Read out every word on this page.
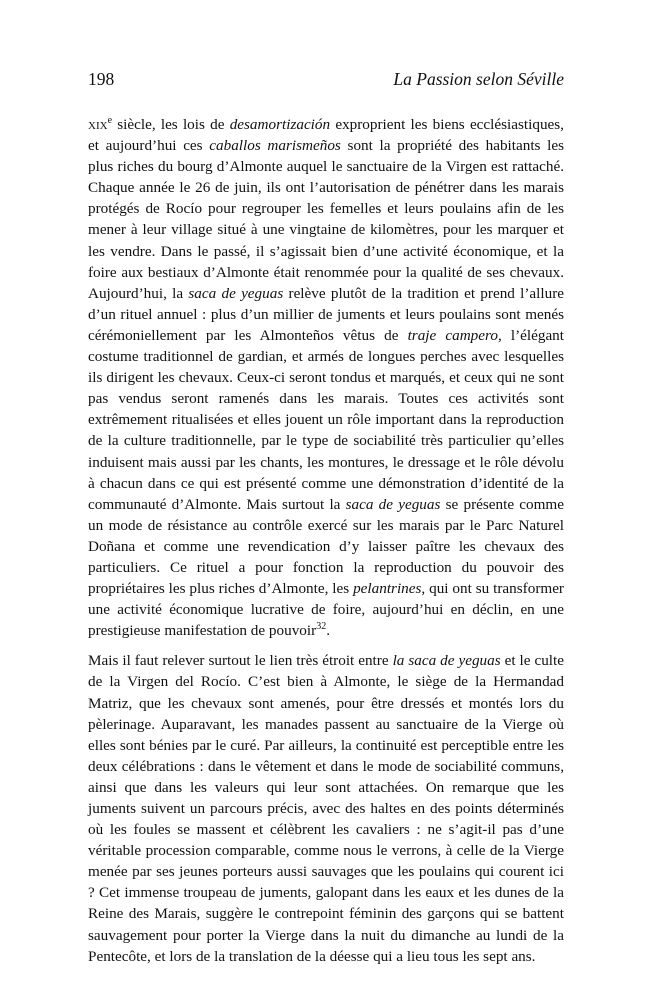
198	La Passion selon Séville

xix$^e$ siècle, les lois de desamortización exproprient les biens ecclésiastiques, et aujourd’hui ces caballos marismeños sont la propriété des habitants les plus riches du bourg d’Almonte auquel le sanctuaire de la Virgen est rattaché. Chaque année le 26 de juin, ils ont l’autorisation de pénétrer dans les marais protégés de Rocío pour regrouper les femelles et leurs poulains afin de les mener à leur village situé à une vingtaine de kilomètres, pour les marquer et les vendre. Dans le passé, il s’agissait bien d’une activité économique, et la foire aux bestiaux d’Almonte était renommée pour la qualité de ses chevaux. Aujourd’hui, la saca de yeguas relève plutôt de la tradition et prend l’allure d’un rituel annuel : plus d’un millier de juments et leurs poulains sont menés cérémoniellement par les Almonteños vêtus de traje campero, l’élégant costume traditionnel de gardian, et armés de longues perches avec lesquelles ils dirigent les chevaux. Ceux-ci seront tondus et marqués, et ceux qui ne sont pas vendus seront ramenés dans les marais. Toutes ces activités sont extrêmement ritualisées et elles jouent un rôle important dans la reproduction de la culture traditionnelle, par le type de sociabilité très particulier qu’elles induisent mais aussi par les chants, les montures, le dressage et le rôle dévolu à chacun dans ce qui est présenté comme une démonstration d’identité de la communauté d’Almonte. Mais surtout la saca de yeguas se présente comme un mode de résistance au contrôle exercé sur les marais par le Parc Naturel Doñana et comme une revendication d’y laisser paître les chevaux des particuliers. Ce rituel a pour fonction la reproduction du pouvoir des propriétaires les plus riches d’Almonte, les pelantrines, qui ont su transformer une activité économique lucrative de foire, aujourd’hui en déclin, en une prestigieuse manifestation de pouvoir$^{32}$.

Mais il faut relever surtout le lien très étroit entre la saca de yeguas et le culte de la Virgen del Rocío. C’est bien à Almonte, le siège de la Hermandad Matriz, que les chevaux sont amenés, pour être dressés et montés lors du pèlerinage. Auparavant, les manades passent au sanctuaire de la Vierge où elles sont bénies par le curé. Par ailleurs, la continuité est perceptible entre les deux célébrations : dans le vêtement et dans le mode de sociabilité communs, ainsi que dans les valeurs qui leur sont attachées. On remarque que les juments suivent un parcours précis, avec des haltes en des points déterminés où les foules se massent et célèbrent les cavaliers : ne s’agit-il pas d’une véritable procession comparable, comme nous le verrons, à celle de la Vierge menée par ses jeunes porteurs aussi sauvages que les poulains qui courent ici ? Cet immense troupeau de juments, galopant dans les eaux et les dunes de la Reine des Marais, suggère le contrepoint féminin des garçons qui se battent sauvagement pour porter la Vierge dans la nuit du dimanche au lundi de la Pentecôte, et lors de la translation de la déesse qui a lieu tous les sept ans.
